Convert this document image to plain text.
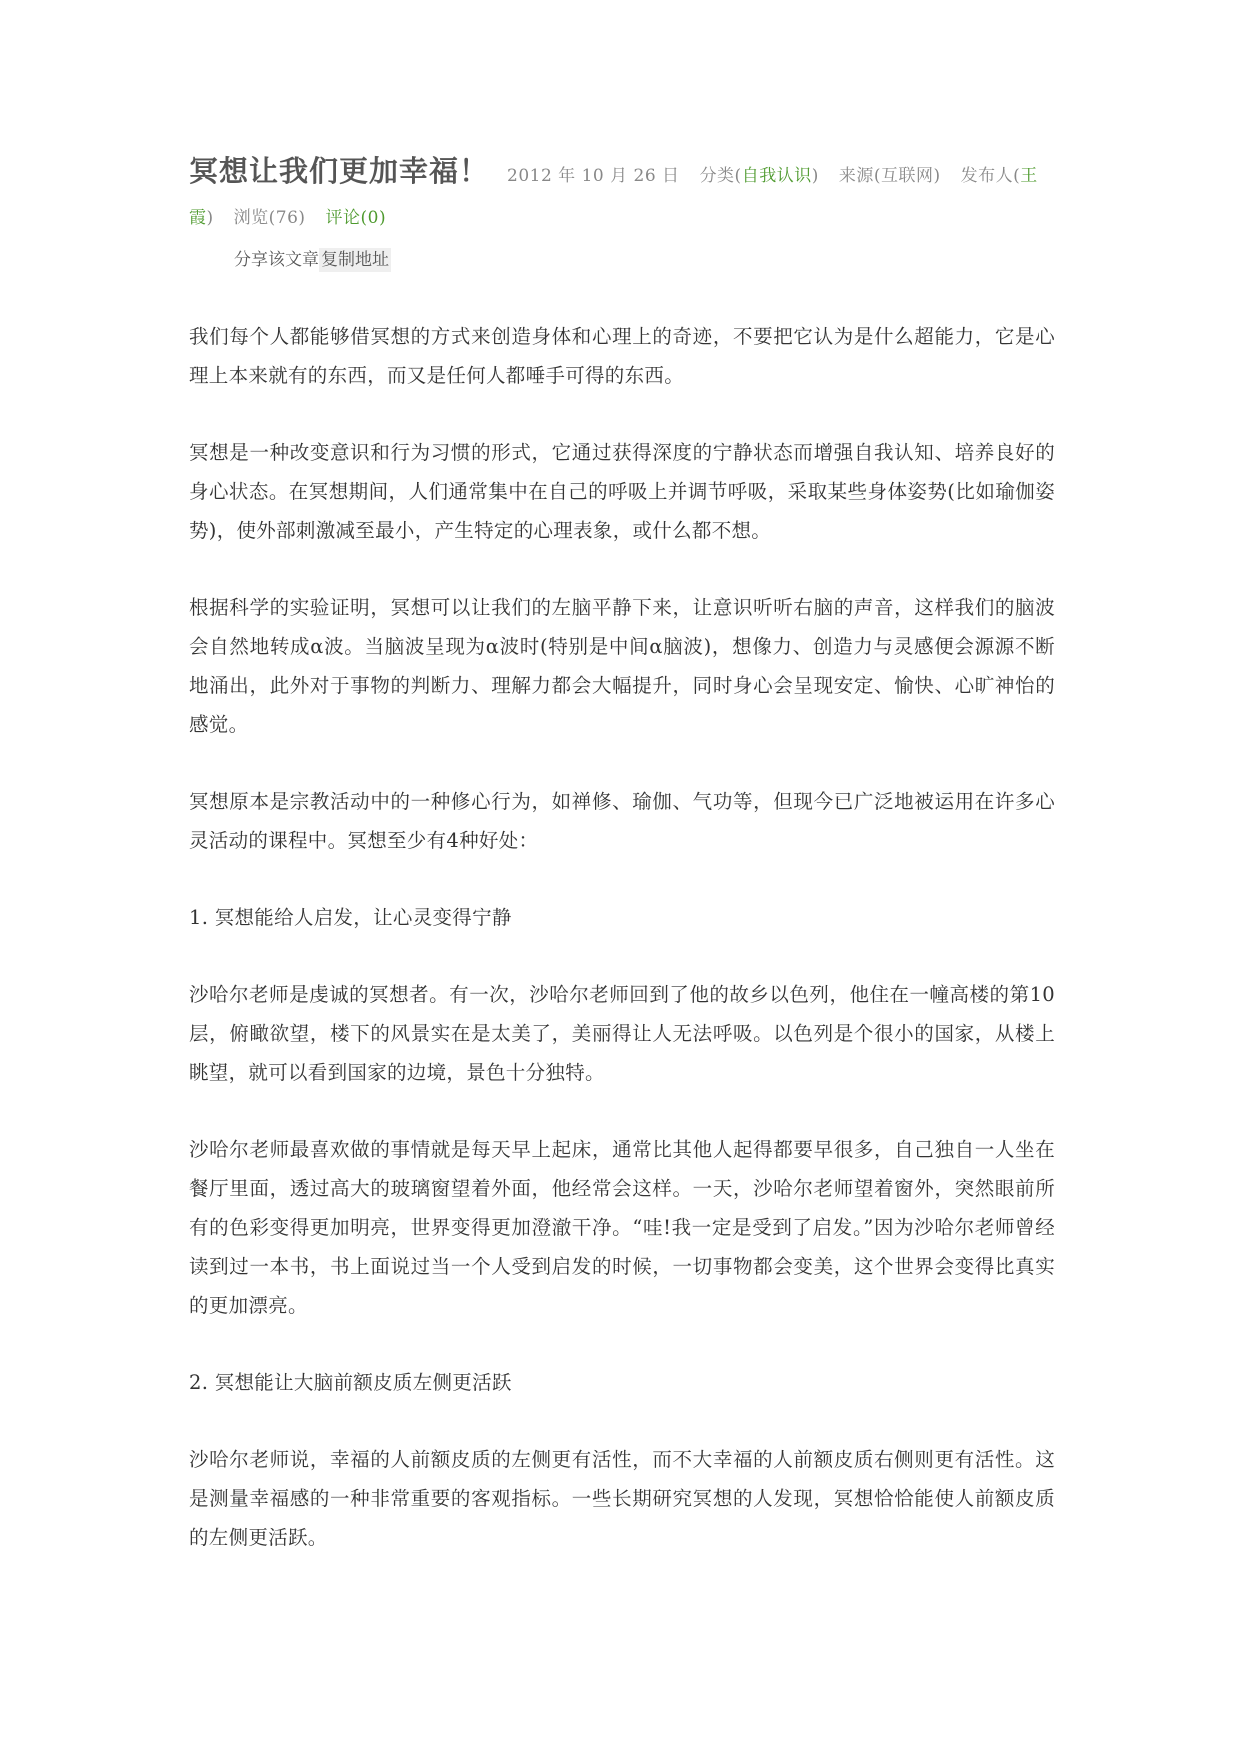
冥想让我们更加幸福！ 2012 年 10 月 26 日 分类(自我认识) 来源(互联网) 发布人(王霞) 浏览(76) 评论(0)
分享该文章 复制地址

我们每个人都能够借冥想的方式来创造身体和心理上的奇迹，不要把它认为是什么超能力，它是心理上本来就有的东西，而又是任何人都唾手可得的东西。

冥想是一种改变意识和行为习惯的形式，它通过获得深度的宁静状态而增强自我认知、培养良好的身心状态。在冥想期间，人们通常集中在自己的呼吸上并调节呼吸，采取某些身体姿势(比如瑜伽姿势)，使外部刺激减至最小，产生特定的心理表象，或什么都不想。

根据科学的实验证明，冥想可以让我们的左脑平静下来，让意识听听右脑的声音，这样我们的脑波会自然地转成α波。当脑波呈现为α波时(特别是中间α脑波)，想像力、创造力与灵感便会源源不断地涌出，此外对于事物的判断力、理解力都会大幅提升，同时身心会呈现安定、愉快、心旷神怡的感觉。

冥想原本是宗教活动中的一种修心行为，如禅修、瑜伽、气功等，但现今已广泛地被运用在许多心灵活动的课程中。冥想至少有4种好处：

1. 冥想能给人启发，让心灵变得宁静

沙哈尔老师是虔诚的冥想者。有一次，沙哈尔老师回到了他的故乡以色列，他住在一幢高楼的第10层，俯瞰欲望，楼下的风景实在是太美了，美丽得让人无法呼吸。以色列是个很小的国家，从楼上眺望，就可以看到国家的边境，景色十分独特。

沙哈尔老师最喜欢做的事情就是每天早上起床，通常比其他人起得都要早很多，自己独自一人坐在餐厅里面，透过高大的玻璃窗望着外面，他经常会这样。一天，沙哈尔老师望着窗外，突然眼前所有的色彩变得更加明亮，世界变得更加澄澈干净。“哇!我一定是受到了启发。”因为沙哈尔老师曾经读到过一本书，书上面说过当一个人受到启发的时候，一切事物都会变美，这个世界会变得比真实的更加漂亮。

2. 冥想能让大脑前额皮质左侧更活跃

沙哈尔老师说，幸福的人前额皮质的左侧更有活性，而不大幸福的人前额皮质右侧则更有活性。这是测量幸福感的一种非常重要的客观指标。一些长期研究冥想的人发现，冥想恰恰能使人前额皮质的左侧更活跃。
